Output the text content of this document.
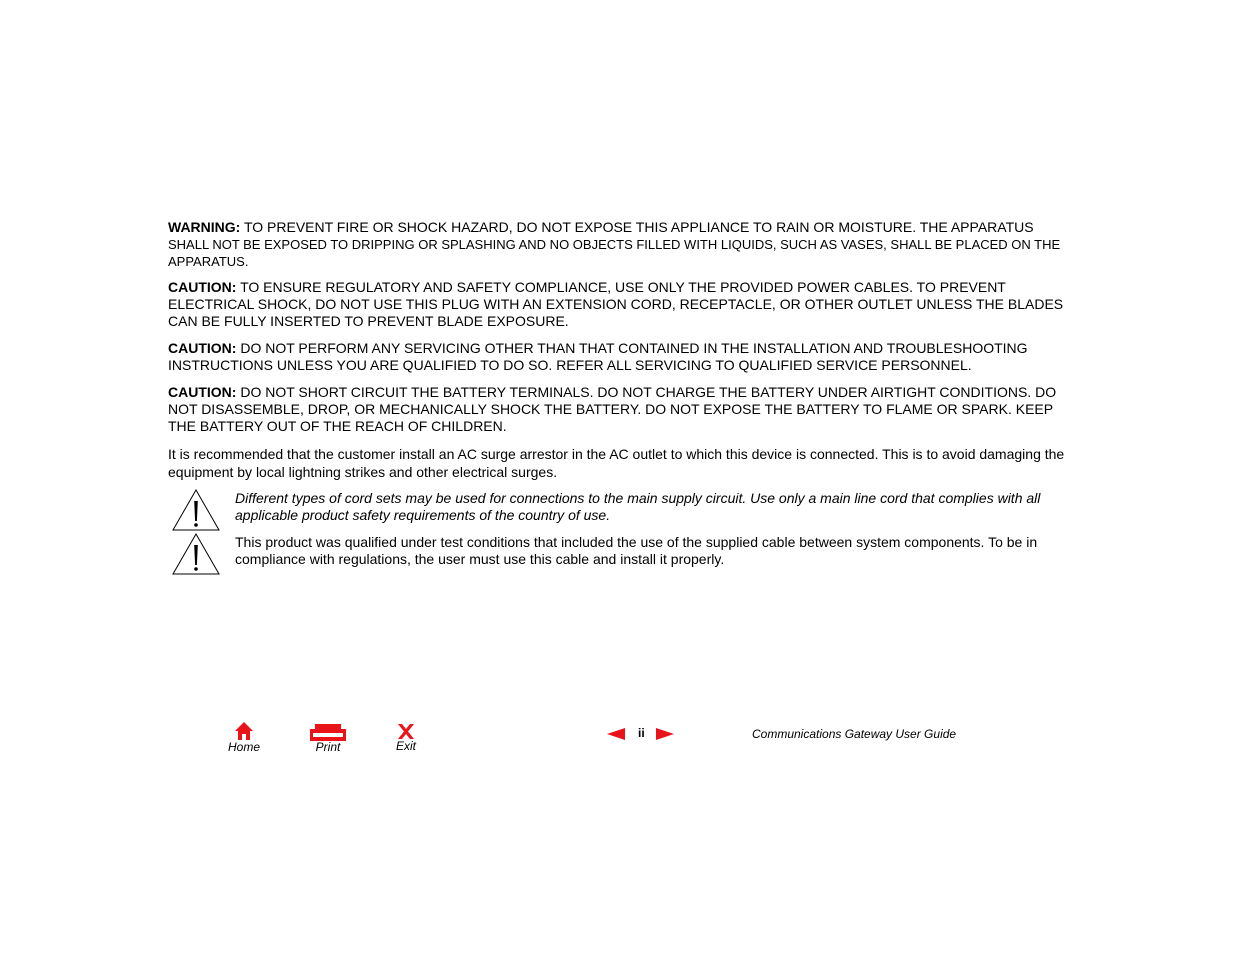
WARNING: TO PREVENT FIRE OR SHOCK HAZARD, DO NOT EXPOSE THIS APPLIANCE TO RAIN OR MOISTURE. THE APPARATUS SHALL NOT BE EXPOSED TO DRIPPING OR SPLASHING AND NO OBJECTS FILLED WITH LIQUIDS, SUCH AS VASES, SHALL BE PLACED ON THE APPARATUS.

CAUTION: TO ENSURE REGULATORY AND SAFETY COMPLIANCE, USE ONLY THE PROVIDED POWER CABLES. TO PREVENT ELECTRICAL SHOCK, DO NOT USE THIS PLUG WITH AN EXTENSION CORD, RECEPTACLE, OR OTHER OUTLET UNLESS THE BLADES CAN BE FULLY INSERTED TO PREVENT BLADE EXPOSURE.

CAUTION: DO NOT PERFORM ANY SERVICING OTHER THAN THAT CONTAINED IN THE INSTALLATION AND TROUBLESHOOTING INSTRUCTIONS UNLESS YOU ARE QUALIFIED TO DO SO. REFER ALL SERVICING TO QUALIFIED SERVICE PERSONNEL.

CAUTION: DO NOT SHORT CIRCUIT THE BATTERY TERMINALS. DO NOT CHARGE THE BATTERY UNDER AIRTIGHT CONDITIONS. DO NOT DISASSEMBLE, DROP, OR MECHANICALLY SHOCK THE BATTERY. DO NOT EXPOSE THE BATTERY TO FLAME OR SPARK. KEEP THE BATTERY OUT OF THE REACH OF CHILDREN.

It is recommended that the customer install an AC surge arrestor in the AC outlet to which this device is connected. This is to avoid damaging the equipment by local lightning strikes and other electrical surges.

Different types of cord sets may be used for connections to the main supply circuit. Use only a main line cord that complies with all applicable product safety requirements of the country of use.
This product was qualified under test conditions that included the use of the supplied cable between system components. To be in compliance with regulations, the user must use this cable and install it properly.
Home	Print	Exit
ii	Communications Gateway User Guide
